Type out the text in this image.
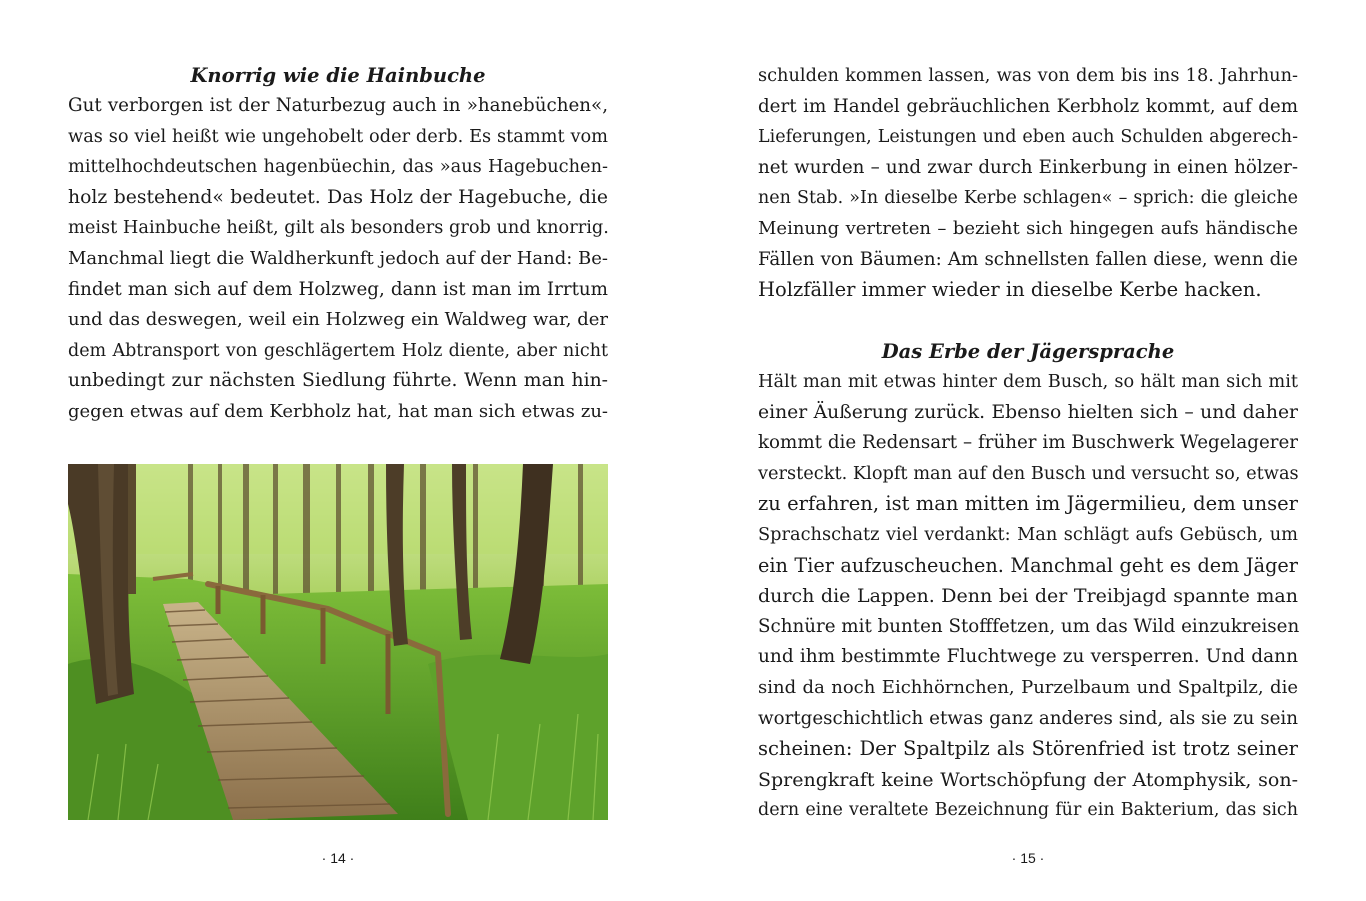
Knorrig wie die Hainbuche
Gut verborgen ist der Naturbezug auch in »hanebüchen«,
was so viel heißt wie ungehobelt oder derb. Es stammt vom
mittelhochdeutschen hagenbüechin, das »aus Hagebuchen-
holz bestehend« bedeutet. Das Holz der Hagebuche, die
meist Hainbuche heißt, gilt als besonders grob und knorrig.
Manchmal liegt die Waldherkunft jedoch auf der Hand: Be-
findet man sich auf dem Holzweg, dann ist man im Irrtum
und das deswegen, weil ein Holzweg ein Waldweg war, der
dem Abtransport von geschlägertem Holz diente, aber nicht
unbedingt zur nächsten Siedlung führte. Wenn man hin-
gegen etwas auf dem Kerbholz hat, hat man sich etwas zu-
· 14 ·
schulden kommen lassen, was von dem bis ins 18. Jahrhun-
dert im Handel gebräuchlichen Kerbholz kommt, auf dem
Lieferungen, Leistungen und eben auch Schulden abgerech-
net wurden – und zwar durch Einkerbung in einen hölzer-
nen Stab. »In dieselbe Kerbe schlagen« – sprich: die gleiche
Meinung vertreten – bezieht sich hingegen aufs händische
Fällen von Bäumen: Am schnellsten fallen diese, wenn die
Holzfäller immer wieder in dieselbe Kerbe hacken.
Das Erbe der Jägersprache
Hält man mit etwas hinter dem Busch, so hält man sich mit
einer Äußerung zurück. Ebenso hielten sich – und daher
kommt die Redensart – früher im Buschwerk Wegelagerer
versteckt. Klopft man auf den Busch und versucht so, etwas
zu erfahren, ist man mitten im Jägermilieu, dem unser
Sprachschatz viel verdankt: Man schlägt aufs Gebüsch, um
ein Tier aufzuscheuchen. Manchmal geht es dem Jäger
durch die Lappen. Denn bei der Treibjagd spannte man
Schnüre mit bunten Stofffetzen, um das Wild einzukreisen
und ihm bestimmte Fluchtwege zu versperren. Und dann
sind da noch Eichhörnchen, Purzelbaum und Spaltpilz, die
wortgeschichtlich etwas ganz anderes sind, als sie zu sein
scheinen: Der Spaltpilz als Störenfried ist trotz seiner
Sprengkraft keine Wortschöpfung der Atomphysik, son-
dern eine veraltete Bezeichnung für ein Bakterium, das sich
· 15 ·
